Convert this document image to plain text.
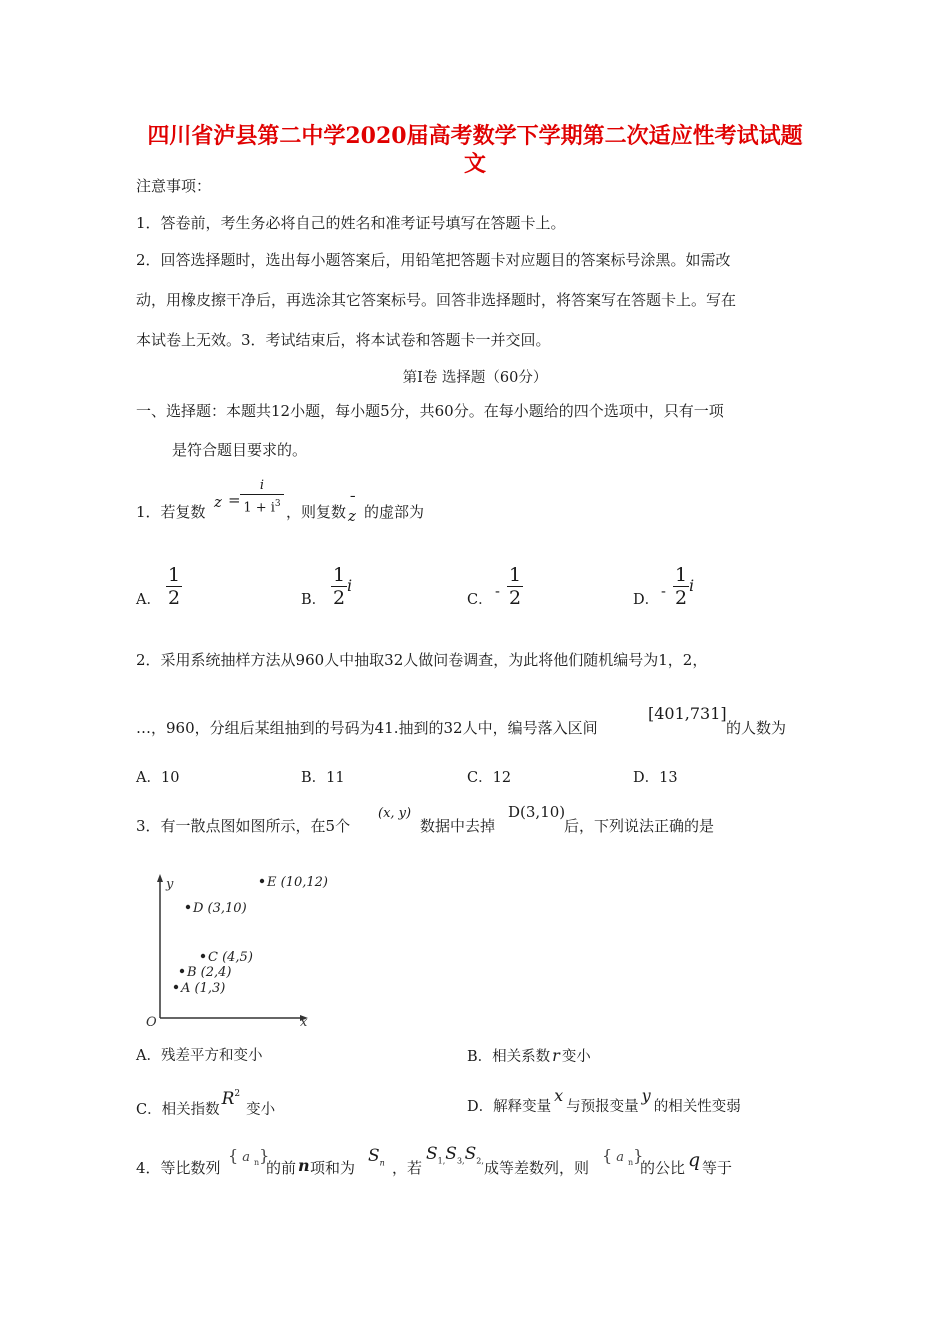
四川省泸县第二中学2020届高考数学下学期第二次适应性考试试题
文
注意事项：
1．答卷前，考生务必将自己的姓名和准考证号填写在答题卡上。
2．回答选择题时，选出每小题答案后，用铅笔把答题卡对应题目的答案标号涂黑。如需改
动，用橡皮擦干净后，再选涂其它答案标号。回答非选择题时，将答案写在答题卡上。写在
本试卷上无效。3．考试结束后，将本试卷和答题卡一并交回。
第Ⅰ卷 选择题（60分）
一、选择题：本题共12小题，每小题5分，共60分。在每小题给的四个选项中，只有一项
是符合题目要求的。
1．若复数
z =
i
$1 + i^3$ ，则复数
¯
z 的虚部为
A．
1
2	B．
1
2
i
C． -
1
2	D． -
1
2
i
2．采用系统抽样方法从960人中抽取32人做问卷调查，为此将他们随机编号为1，2，
…，960，分组后某组抽到的号码为41.抽到的32人中，编号落入区间
[401,731]
的人数为
A．10	B．11	C．12	D．13
3．有一散点图如图所示，在5个
(x, y)
数据中去掉
D(3,10)
后，下列说法正确的是
y
x
O
E (10,12)
D (3,10)
C (4,5)
B (2,4)
A (1,3)
A．残差平方和变小	B．相关系数 r 变小
C．相关指数$R^2$变小	D．解释变量x与预报变量y的相关性变弱
4．等比数列
{ a $_n$}
的前 n 项和为
$S_n$ ，若
$S_{1,}S_{3,}S_{2,}$ 成等差数列，则
{ a $_n$}
的公比 q 等于
